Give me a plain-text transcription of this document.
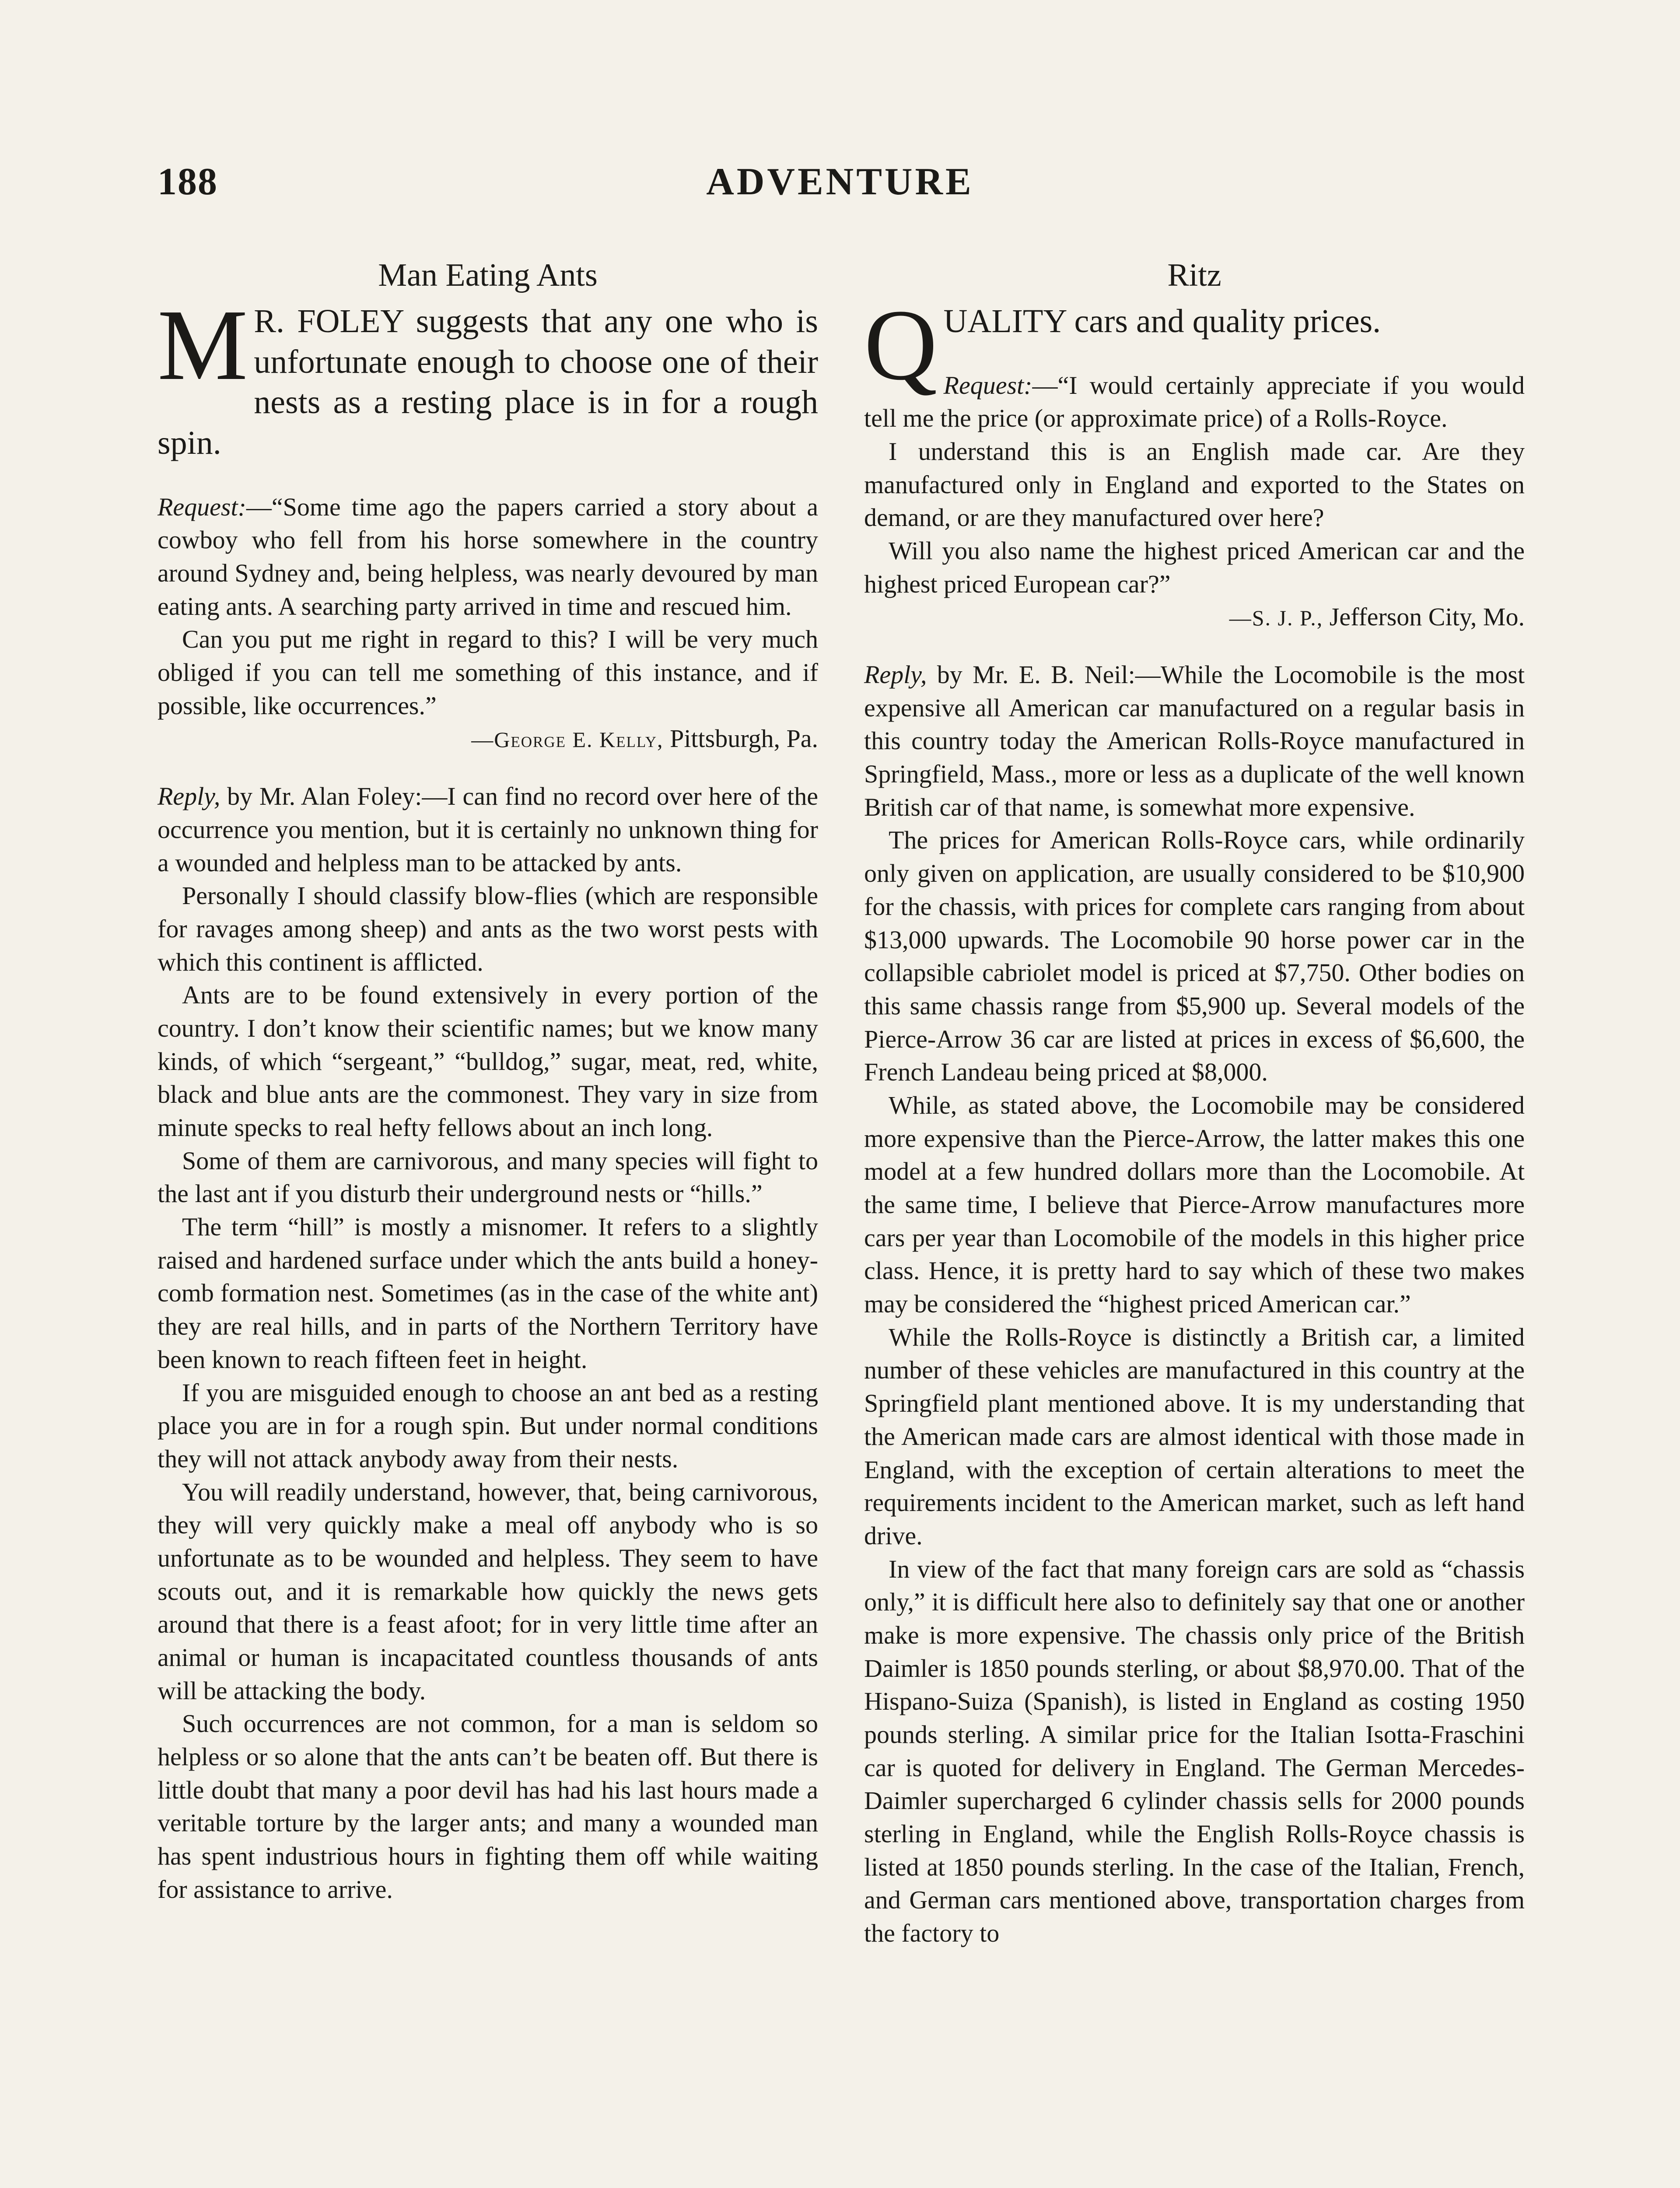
188	ADVENTURE
Man Eating Ants

MR. FOLEY suggests that any one who is unfortunate enough to choose one of their nests as a resting place is in for a rough spin.

Request:—“Some time ago the papers carried a story about a cowboy who fell from his horse somewhere in the country around Sydney and, being helpless, was nearly devoured by man eating ants. A searching party arrived in time and rescued him.

Can you put me right in regard to this? I will be very much obliged if you can tell me something of this instance, and if possible, like occurrences.”

—George E. Kelly, Pittsburgh, Pa.

Reply, by Mr. Alan Foley:—I can find no record over here of the occurrence you mention, but it is certainly no unknown thing for a wounded and helpless man to be attacked by ants.

Personally I should classify blow-flies (which are responsible for ravages among sheep) and ants as the two worst pests with which this continent is afflicted.

Ants are to be found extensively in every portion of the country. I don’t know their scientific names; but we know many kinds, of which “sergeant,” “bulldog,” sugar, meat, red, white, black and blue ants are the commonest. They vary in size from minute specks to real hefty fellows about an inch long.

Some of them are carnivorous, and many species will fight to the last ant if you disturb their underground nests or “hills.”

The term “hill” is mostly a misnomer. It refers to a slightly raised and hardened surface under which the ants build a honey-comb formation nest. Sometimes (as in the case of the white ant) they are real hills, and in parts of the Northern Territory have been known to reach fifteen feet in height.

If you are misguided enough to choose an ant bed as a resting place you are in for a rough spin. But under normal conditions they will not attack anybody away from their nests.

You will readily understand, however, that, being carnivorous, they will very quickly make a meal off anybody who is so unfortunate as to be wounded and helpless. They seem to have scouts out, and it is remarkable how quickly the news gets around that there is a feast afoot; for in very little time after an animal or human is incapacitated countless thousands of ants will be attacking the body.

Such occurrences are not common, for a man is seldom so helpless or so alone that the ants can’t be beaten off. But there is little doubt that many a poor devil has had his last hours made a veritable torture by the larger ants; and many a wounded man has spent industrious hours in fighting them off while waiting for assistance to arrive.

Ritz

QUALITY cars and quality prices.

Request:—“I would certainly appreciate if you would tell me the price (or approximate price) of a Rolls-Royce.

I understand this is an English made car. Are they manufactured only in England and exported to the States on demand, or are they manufactured over here?

Will you also name the highest priced American car and the highest priced European car?”

—S. J. P., Jefferson City, Mo.

Reply, by Mr. E. B. Neil:—While the Locomobile is the most expensive all American car manufactured on a regular basis in this country today the American Rolls-Royce manufactured in Springfield, Mass., more or less as a duplicate of the well known British car of that name, is somewhat more expensive.

The prices for American Rolls-Royce cars, while ordinarily only given on application, are usually considered to be $10,900 for the chassis, with prices for complete cars ranging from about $13,000 upwards. The Locomobile 90 horse power car in the collapsible cabriolet model is priced at $7,750. Other bodies on this same chassis range from $5,900 up. Several models of the Pierce-Arrow 36 car are listed at prices in excess of $6,600, the French Landeau being priced at $8,000.

While, as stated above, the Locomobile may be considered more expensive than the Pierce-Arrow, the latter makes this one model at a few hundred dollars more than the Locomobile. At the same time, I believe that Pierce-Arrow manufactures more cars per year than Locomobile of the models in this higher price class. Hence, it is pretty hard to say which of these two makes may be considered the “highest priced American car.”

While the Rolls-Royce is distinctly a British car, a limited number of these vehicles are manufactured in this country at the Springfield plant mentioned above. It is my understanding that the American made cars are almost identical with those made in England, with the exception of certain alterations to meet the requirements incident to the American market, such as left hand drive.

In view of the fact that many foreign cars are sold as “chassis only,” it is difficult here also to definitely say that one or another make is more expensive. The chassis only price of the British Daimler is 1850 pounds sterling, or about $8,970.00. That of the Hispano-Suiza (Spanish), is listed in England as costing 1950 pounds sterling. A similar price for the Italian Isotta-Fraschini car is quoted for delivery in England. The German Mercedes-Daimler supercharged 6 cylinder chassis sells for 2000 pounds sterling in England, while the English Rolls-Royce chassis is listed at 1850 pounds sterling. In the case of the Italian, French, and German cars mentioned above, transportation charges from the factory to
